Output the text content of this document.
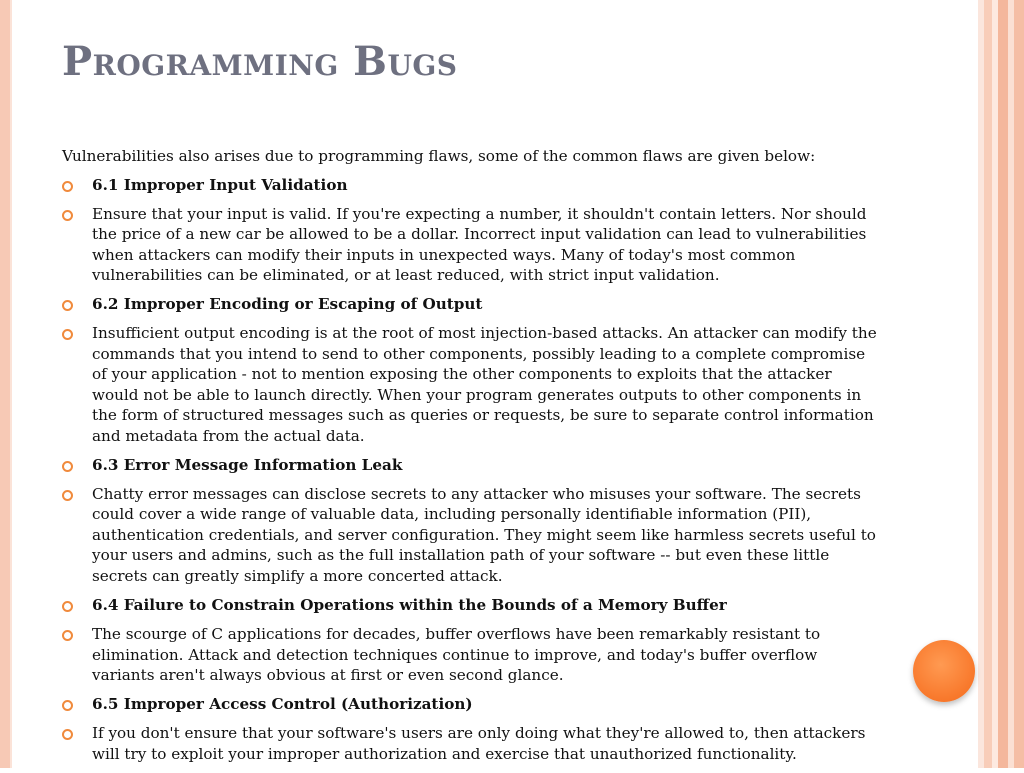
Programming Bugs

Vulnerabilities also arises due to programming flaws, some of the common flaws are given below:

6.1 Improper Input Validation
Ensure that your input is valid. If you're expecting a number, it shouldn't contain letters. Nor should the price of a new car be allowed to be a dollar. Incorrect input validation can lead to vulnerabilities when attackers can modify their inputs in unexpected ways. Many of today's most common vulnerabilities can be eliminated, or at least reduced, with strict input validation.
6.2 Improper Encoding or Escaping of Output
Insufficient output encoding is at the root of most injection-based attacks. An attacker can modify the commands that you intend to send to other components, possibly leading to a complete compromise of your application - not to mention exposing the other components to exploits that the attacker would not be able to launch directly. When your program generates outputs to other components in the form of structured messages such as queries or requests, be sure to separate control information and metadata from the actual data.
6.3 Error Message Information Leak
Chatty error messages can disclose secrets to any attacker who misuses your software. The secrets could cover a wide range of valuable data, including personally identifiable information (PII), authentication credentials, and server configuration. They might seem like harmless secrets useful to your users and admins, such as the full installation path of your software -- but even these little secrets can greatly simplify a more concerted attack.
6.4 Failure to Constrain Operations within the Bounds of a Memory Buffer
The scourge of C applications for decades, buffer overflows have been remarkably resistant to elimination. Attack and detection techniques continue to improve, and today's buffer overflow variants aren't always obvious at first or even second glance.
6.5 Improper Access Control (Authorization)
If you don't ensure that your software's users are only doing what they're allowed to, then attackers will try to exploit your improper authorization and exercise that unauthorized functionality.
